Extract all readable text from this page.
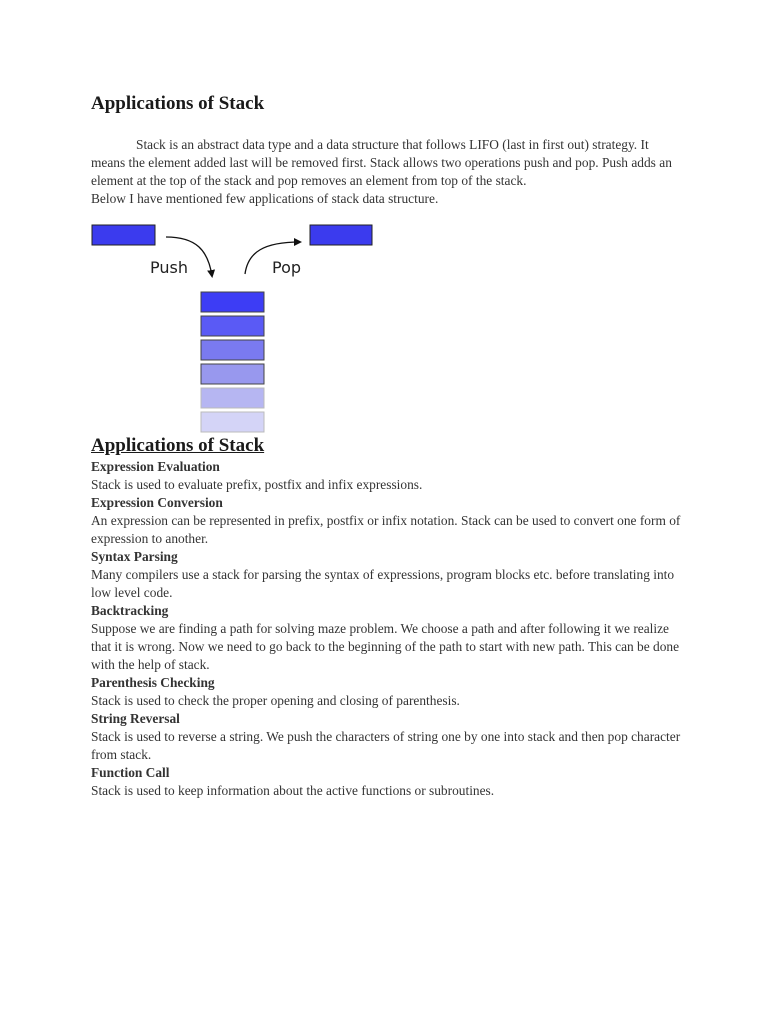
Applications of Stack

Stack is an abstract data type and a data structure that follows LIFO (last in first out) strategy. It means the element added last will be removed first. Stack allows two operations push and pop. Push adds an element at the top of the stack and pop removes an element from top of the stack.

Below I have mentioned few applications of stack data structure.

Push	Pop
Applications of Stack
Expression Evaluation
Stack is used to evaluate prefix, postfix and infix expressions.
Expression Conversion
An expression can be represented in prefix, postfix or infix notation. Stack can be used to convert one form of expression to another.
Syntax Parsing
Many compilers use a stack for parsing the syntax of expressions, program blocks etc. before translating into low level code.
Backtracking
Suppose we are finding a path for solving maze problem. We choose a path and after following it we realize that it is wrong. Now we need to go back to the beginning of the path to start with new path. This can be done with the help of stack.
Parenthesis Checking
Stack is used to check the proper opening and closing of parenthesis.
String Reversal
Stack is used to reverse a string. We push the characters of string one by one into stack and then pop character from stack.
Function Call
Stack is used to keep information about the active functions or subroutines.
